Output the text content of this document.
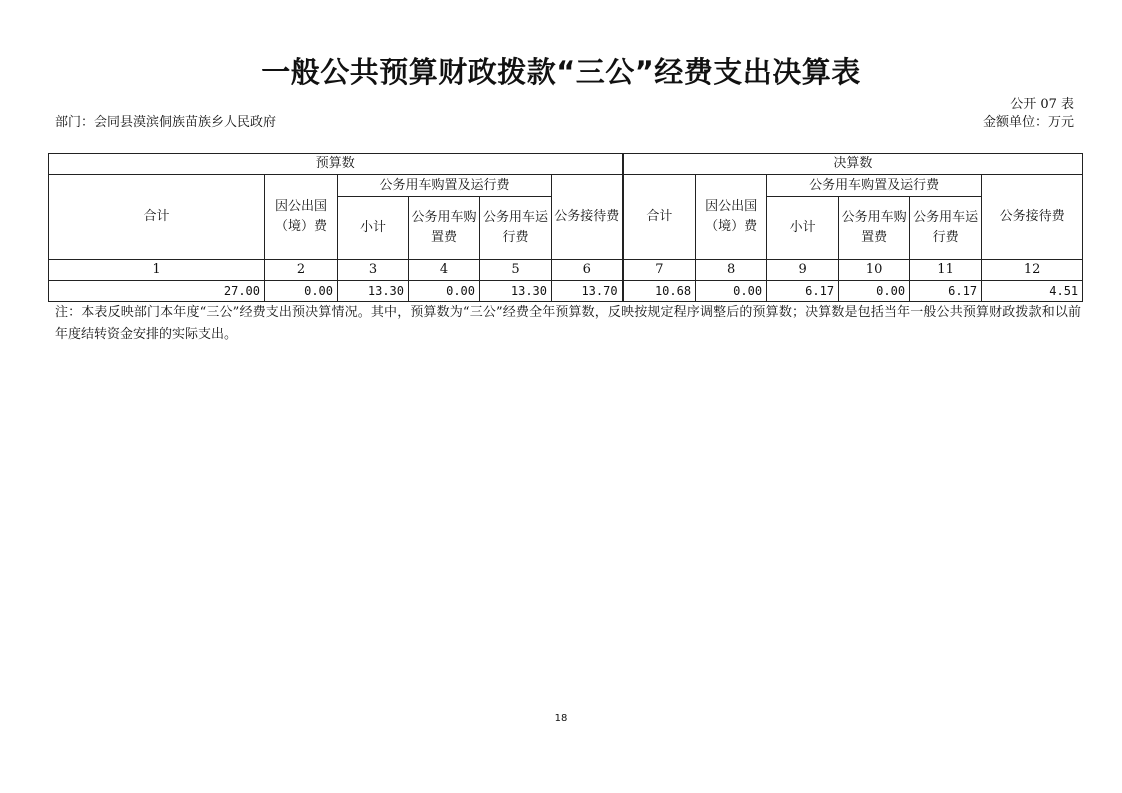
一般公共预算财政拨款“三公”经费支出决算表
公开 07 表
部门：会同县漠滨侗族苗族乡人民政府	金额单位：万元
预算数						决算数					
合计	因公出国（境）费	公务用车购置及运行费			公务接待费	合计	因公出国（境）费	公务用车购置及运行费			公务接待费
		小计	公务用车购置费	公务用车运行费				小计	公务用车购置费	公务用车运行费	
1	2	3	4	5	6	7	8	9	10	11	12
27.00	0.00	13.30	0.00	13.30	13.70	10.68	0.00	6.17	0.00	6.17	4.51
注：本表反映部门本年度“三公”经费支出预决算情况。其中，预算数为“三公”经费全年预算数，反映按规定程序调整后的预算数；决算数是包括当年一般公共预算财政拨款和以前年度结转资金安排的实际支出。
18
